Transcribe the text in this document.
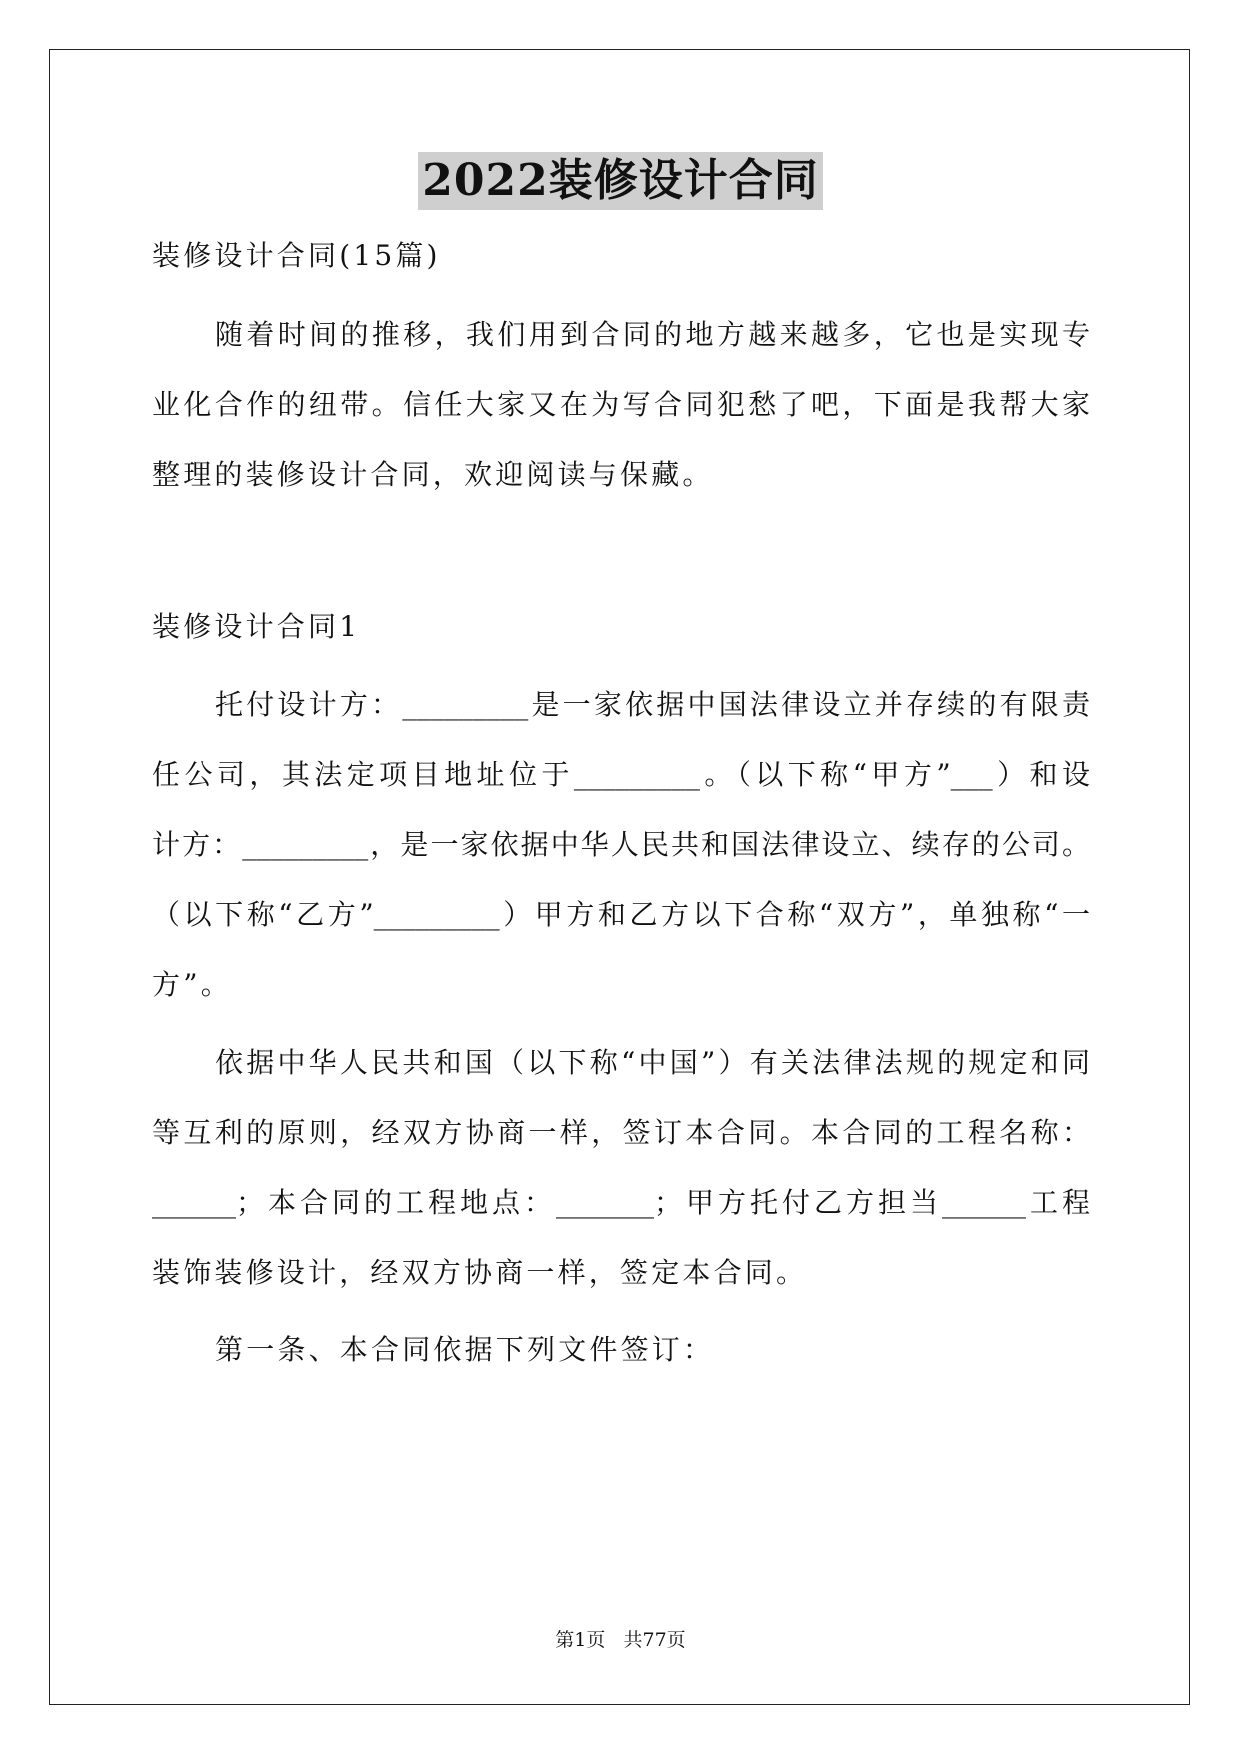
2022装修设计合同
装修设计合同(15篇)
随着时间的推移，我们用到合同的地方越来越多，它也是实现专
业化合作的纽带。信任大家又在为写合同犯愁了吧，下面是我帮大家
整理的装修设计合同，欢迎阅读与保藏。
装修设计合同1
托付设计方：_________是一家依据中国法律设立并存续的有限责
任公司，其法定项目地址位于_________。（以下称“甲方”___）和设
计方：_________，是一家依据中华人民共和国法律设立、续存的公司。
（以下称“乙方”_________）甲方和乙方以下合称“双方”，单独称“一
方”。
依据中华人民共和国（以下称“中国”）有关法律法规的规定和同
等互利的原则，经双方协商一样，签订本合同。本合同的工程名称：
______；本合同的工程地点：_______；甲方托付乙方担当______工程
装饰装修设计，经双方协商一样，签定本合同。
第一条、本合同依据下列文件签订：
第1页   共77页
